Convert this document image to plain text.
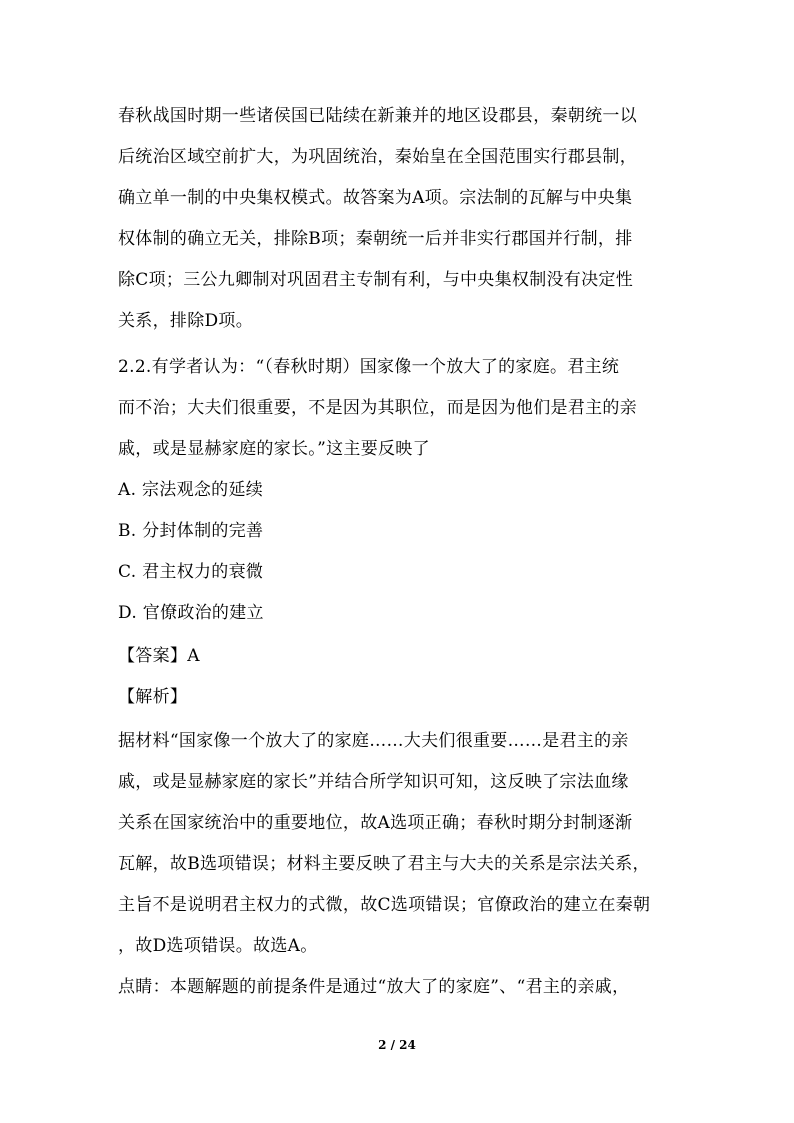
春秋战国时期一些诸侯国已陆续在新兼并的地区设郡县，秦朝统一以
后统治区域空前扩大，为巩固统治，秦始皇在全国范围实行郡县制，
确立单一制的中央集权模式。故答案为A项。宗法制的瓦解与中央集
权体制的确立无关，排除B项；秦朝统一后并非实行郡国并行制，排
除C项；三公九卿制对巩固君主专制有利，与中央集权制没有决定性
关系，排除D项。
2.2.有学者认为：“（春秋时期）国家像一个放大了的家庭。君主统
而不治；大夫们很重要，不是因为其职位，而是因为他们是君主的亲
戚，或是显赫家庭的家长。”这主要反映了
A. 宗法观念的延续
B. 分封体制的完善
C. 君主权力的衰微
D. 官僚政治的建立
【答案】A
【解析】
据材料“国家像一个放大了的家庭……大夫们很重要……是君主的亲
戚，或是显赫家庭的家长”并结合所学知识可知，这反映了宗法血缘
关系在国家统治中的重要地位，故A选项正确；春秋时期分封制逐渐
瓦解，故B选项错误；材料主要反映了君主与大夫的关系是宗法关系，
主旨不是说明君主权力的式微，故C选项错误；官僚政治的建立在秦朝
，故D选项错误。故选A。
点睛：本题解题的前提条件是通过“放大了的家庭”、“君主的亲戚，
2 / 24
